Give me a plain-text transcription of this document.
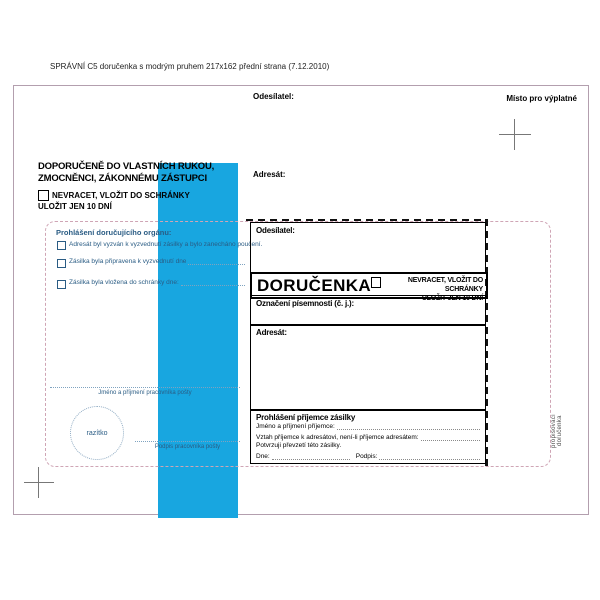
SPRÁVNÍ C5 doručenka s modrým pruhem 217x162 přední strana (7.12.2010)
Odesílatel:	Místo pro výplatné
Adresát:
DOPORUČENĚ DO VLASTNÍCH RUKOU,
ZMOCNĚNCI, ZÁKONNÉMU ZÁSTUPCI
NEVRACET, VLOŽIT DO SCHRÁNKY
ULOŽIT JEN 10 DNÍ
Prohlášení doručujícího orgánu:
Adresát byl vyzván k vyzvednutí zásilky a bylo zanecháno poučení.
Zásilka byla připravena k vyzvednutí dne
Zásilka byla vložena do schránky dne:
Jméno a příjmení pracovníka pošty
razítko
Podpis pracovníka pošty
Odesílatel:
DORUČENKA	NEVRACET, VLOŽIT DO SCHRÁNKY
ULOŽIT JEN 10 DNÍ
Označení písemnosti (č. j.):
Adresát:
Prohlášení příjemce zásilky
Jméno a příjmení příjemce:
Vztah příjemce k adresátovi, není-li příjemce adresátem:
Potvrzuji převzetí této zásilky.
Dne:	Podpis:
propisovací doručenka
